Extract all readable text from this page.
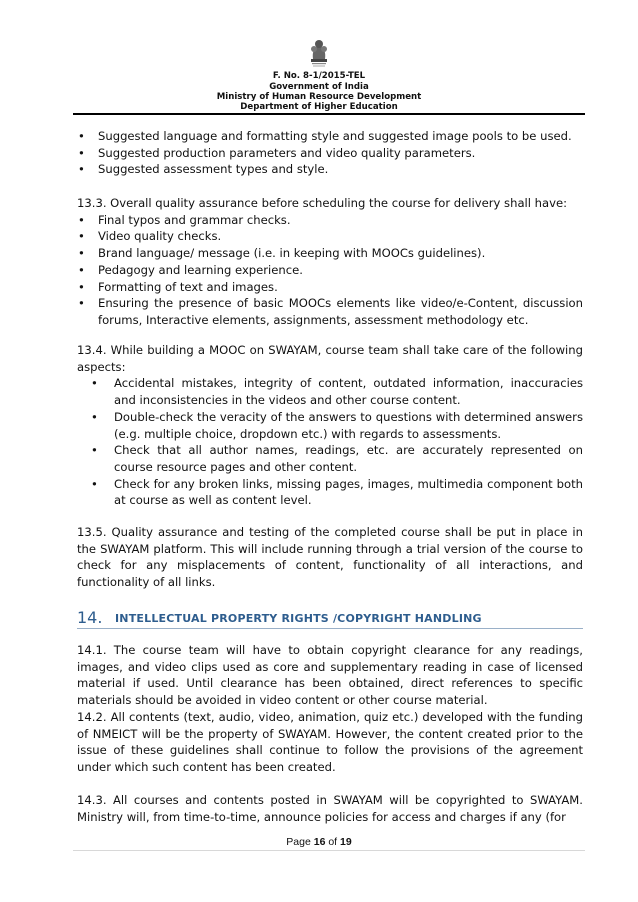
F. No. 8-1/2015-TEL
Government of India
Ministry of Human Resource Development
Department of Higher Education
• Suggested language and formatting style and suggested image pools to be used.
• Suggested production parameters and video quality parameters.
• Suggested assessment types and style.

13.3. Overall quality assurance before scheduling the course for delivery shall have:

• Final typos and grammar checks.
• Video quality checks.
• Brand language/ message (i.e. in keeping with MOOCs guidelines).
• Pedagogy and learning experience.
• Formatting of text and images.
• Ensuring the presence of basic MOOCs elements like video/e-Content, discussion forums, Interactive elements, assignments, assessment methodology etc.

13.4. While building a MOOC on SWAYAM, course team shall take care of the following aspects:

• Accidental mistakes, integrity of content, outdated information, inaccuracies and inconsistencies in the videos and other course content.
• Double-check the veracity of the answers to questions with determined answers (e.g. multiple choice, dropdown etc.) with regards to assessments.
• Check that all author names, readings, etc. are accurately represented on course resource pages and other content.
• Check for any broken links, missing pages, images, multimedia component both at course as well as content level.
13.5. Quality assurance and testing of the completed course shall be put in place in the SWAYAM platform. This will include running through a trial version of the course to check for any misplacements of content, functionality of all interactions, and functionality of all links.
14. INTELLECTUAL PROPERTY RIGHTS /COPYRIGHT HANDLING
14.1. The course team will have to obtain copyright clearance for any readings, images, and video clips used as core and supplementary reading in case of licensed material if used. Until clearance has been obtained, direct references to specific materials should be avoided in video content or other course material.
14.2. All contents (text, audio, video, animation, quiz etc.) developed with the funding of NMEICT will be the property of SWAYAM. However, the content created prior to the issue of these guidelines shall continue to follow the provisions of the agreement under which such content has been created.
14.3. All courses and contents posted in SWAYAM will be copyrighted to SWAYAM. Ministry will, from time-to-time, announce policies for access and charges if any (for
Page 16 of 19
